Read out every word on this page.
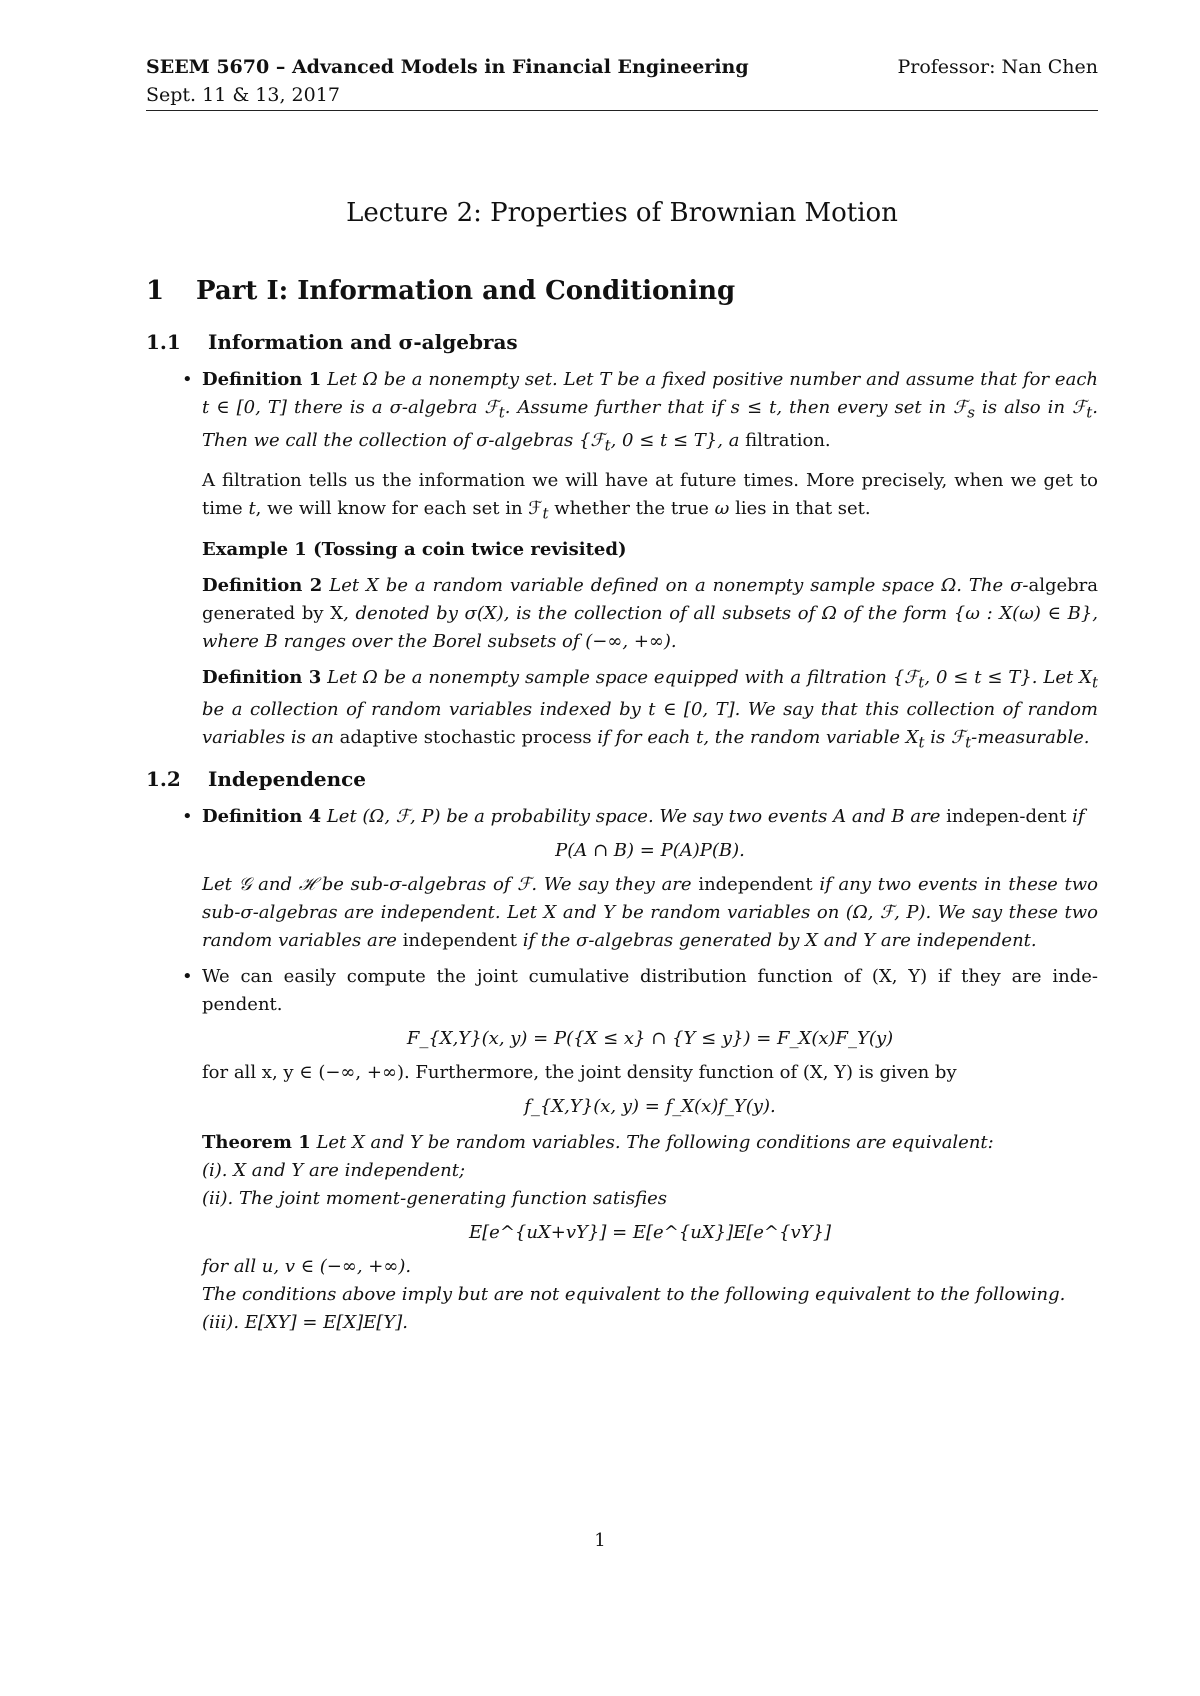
SEEM 5670 – Advanced Models in Financial Engineering	Professor: Nan Chen
Sept. 11 & 13, 2017
Lecture 2: Properties of Brownian Motion
1 Part I: Information and Conditioning
1.1 Information and σ-algebras
• Definition 1 Let Ω be a nonempty set. Let T be a fixed positive number and assume that for each t ∈ [0, T] there is a σ-algebra ℱ$_t$. Assume further that if s ≤ t, then every set in ℱ$_s$ is also in ℱ$_t$. Then we call the collection of σ-algebras {ℱ$_t$, 0 ≤ t ≤ T}, a filtration.

A filtration tells us the information we will have at future times. More precisely, when we get to time t, we will know for each set in ℱ$_t$ whether the true ω lies in that set.

Example 1 (Tossing a coin twice revisited)

Definition 2 Let X be a random variable defined on a nonempty sample space Ω. The σ-algebra generated by X, denoted by σ(X), is the collection of all subsets of Ω of the form {ω : X(ω) ∈ B}, where B ranges over the Borel subsets of (−∞, +∞).

Definition 3 Let Ω be a nonempty sample space equipped with a filtration {ℱ$_t$, 0 ≤ t ≤ T}. Let $X_t$ be a collection of random variables indexed by t ∈ [0, T]. We say that this collection of random variables is an adaptive stochastic process if for each t, the random variable $X_t$ is ℱ$_t$-measurable.

1.2 Independence
• Definition 4 Let (Ω, ℱ, P) be a probability space. We say two events A and B are indepen-dent if
P(A ∩ B) = P(A)P(B).
Let 𝒢 and ℋ be sub-σ-algebras of ℱ. We say they are independent if any two events in these two sub-σ-algebras are independent. Let X and Y be random variables on (Ω, ℱ, P). We say these two random variables are independent if the σ-algebras generated by X and Y are independent.
• We can easily compute the joint cumulative distribution function of (X, Y) if they are inde-pendent.
F_{X,Y}(x, y) = P({X ≤ x} ∩ {Y ≤ y}) = F_X(x)F_Y(y)
for all x, y ∈ (−∞, +∞). Furthermore, the joint density function of (X, Y) is given by
f_{X,Y}(x, y) = f_X(x)f_Y(y).
Theorem 1 Let X and Y be random variables. The following conditions are equivalent:
(i). X and Y are independent;
(ii). The joint moment-generating function satisfies
E[e^{uX+vY}] = E[e^{uX}]E[e^{vY}]
for all u, v ∈ (−∞, +∞).
The conditions above imply but are not equivalent to the following equivalent to the following.
(iii). E[XY] = E[X]E[Y].
1
